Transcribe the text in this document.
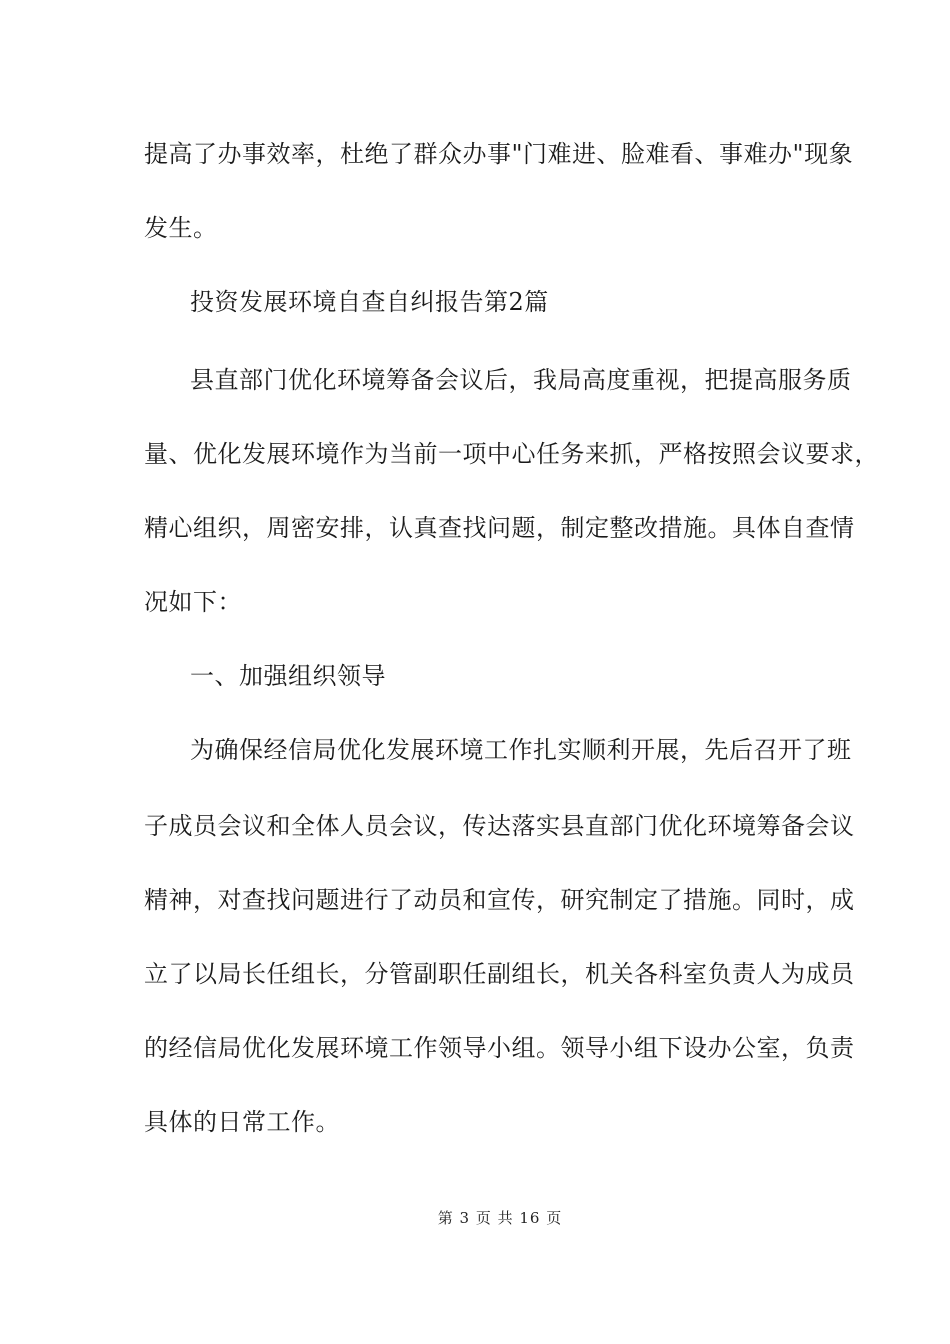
提高了办事效率，杜绝了群众办事"门难进、脸难看、事难办"现象
发生。
投资发展环境自查自纠报告第2篇
县直部门优化环境筹备会议后，我局高度重视，把提高服务质
量、优化发展环境作为当前一项中心任务来抓，严格按照会议要求，
精心组织，周密安排，认真查找问题，制定整改措施。具体自查情
况如下：
一、加强组织领导
为确保经信局优化发展环境工作扎实顺利开展，先后召开了班
子成员会议和全体人员会议，传达落实县直部门优化环境筹备会议
精神，对查找问题进行了动员和宣传，研究制定了措施。同时，成
立了以局长任组长，分管副职任副组长，机关各科室负责人为成员
的经信局优化发展环境工作领导小组。领导小组下设办公室，负责
具体的日常工作。
第 3 页 共 16 页
